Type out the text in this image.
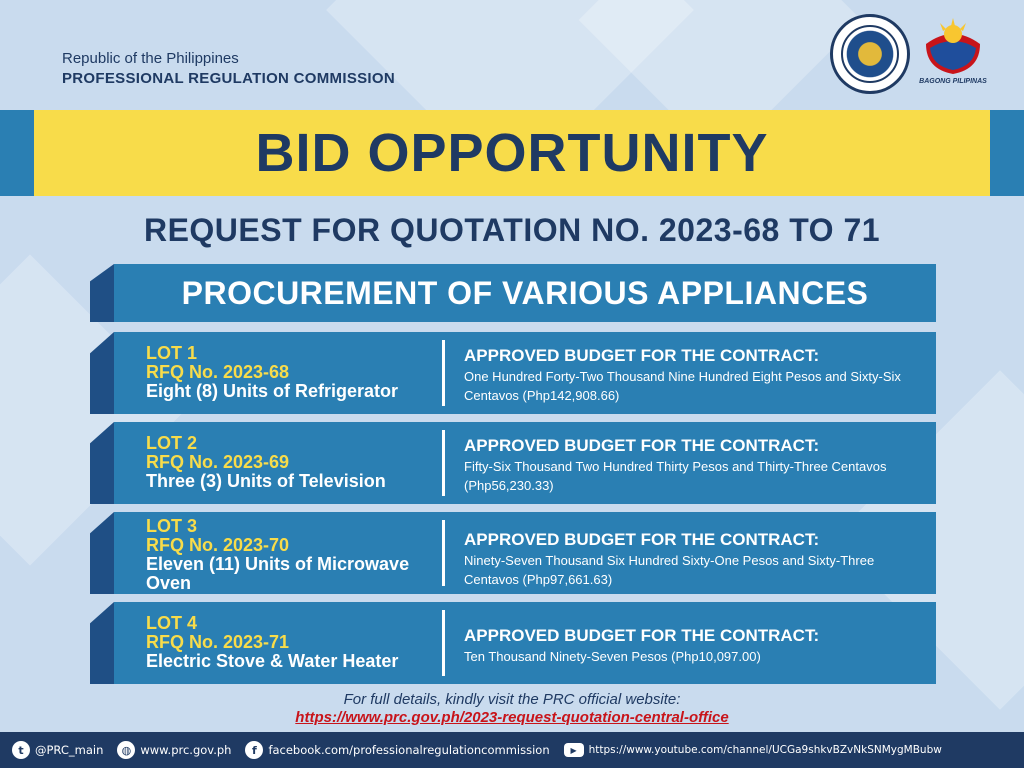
Republic of the Philippines
PROFESSIONAL REGULATION COMMISSION	BAGONG PILIPINAS
BID OPPORTUNITY
REQUEST FOR QUOTATION NO. 2023-68 TO 71
PROCUREMENT OF VARIOUS APPLIANCES
LOT 1
RFQ No. 2023-68
Eight (8) Units of Refrigerator
APPROVED BUDGET FOR THE CONTRACT:
One Hundred Forty-Two Thousand Nine Hundred Eight Pesos and Sixty-Six Centavos (Php142,908.66)
LOT 2
RFQ No. 2023-69
Three (3) Units of Television
APPROVED BUDGET FOR THE CONTRACT:
Fifty-Six Thousand Two Hundred Thirty Pesos and Thirty-Three Centavos (Php56,230.33)
LOT 3
RFQ No. 2023-70
Eleven (11) Units of Microwave Oven
APPROVED BUDGET FOR THE CONTRACT:
Ninety-Seven Thousand Six Hundred Sixty-One Pesos and Sixty-Three Centavos (Php97,661.63)
LOT 4
RFQ No. 2023-71
Electric Stove & Water Heater
APPROVED BUDGET FOR THE CONTRACT:
Ten Thousand Ninety-Seven Pesos (Php10,097.00)
For full details, kindly visit the PRC official website:
https://www.prc.gov.ph/2023-request-quotation-central-office
t @PRC_main	◍ www.prc.gov.ph	f	facebook.com/professionalregulationcommission	▶	https://www.youtube.com/channel/UCGa9shkvBZvNkSNMygMBubw
